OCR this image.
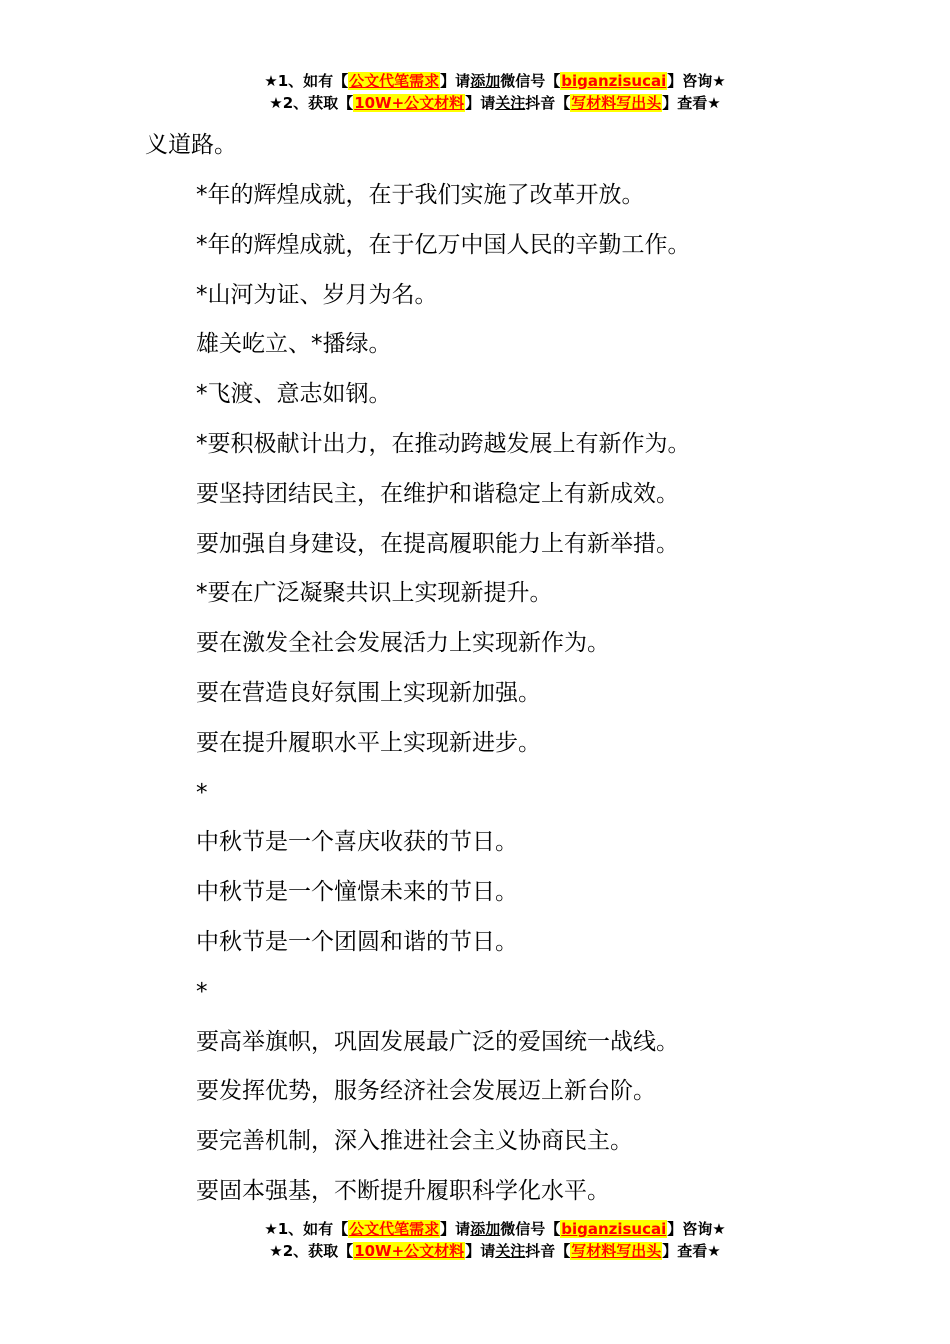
★1、如有【公文代笔需求】请添加微信号【biganzisucai】咨询★
★2、获取【10W+公文材料】请关注抖音【写材料写出头】查看★
义道路。
*年的辉煌成就，在于我们实施了改革开放。
*年的辉煌成就，在于亿万中国人民的辛勤工作。
*山河为证、岁月为名。
雄关屹立、*播绿。
*飞渡、意志如钢。
*要积极献计出力，在推动跨越发展上有新作为。
要坚持团结民主，在维护和谐稳定上有新成效。
要加强自身建设，在提高履职能力上有新举措。
*要在广泛凝聚共识上实现新提升。
要在激发全社会发展活力上实现新作为。
要在营造良好氛围上实现新加强。
要在提升履职水平上实现新进步。
*
中秋节是一个喜庆收获的节日。
中秋节是一个憧憬未来的节日。
中秋节是一个团圆和谐的节日。
*
要高举旗帜，巩固发展最广泛的爱国统一战线。
要发挥优势，服务经济社会发展迈上新台阶。
要完善机制，深入推进社会主义协商民主。
要固本强基，不断提升履职科学化水平。
★1、如有【公文代笔需求】请添加微信号【biganzisucai】咨询★
★2、获取【10W+公文材料】请关注抖音【写材料写出头】查看★
